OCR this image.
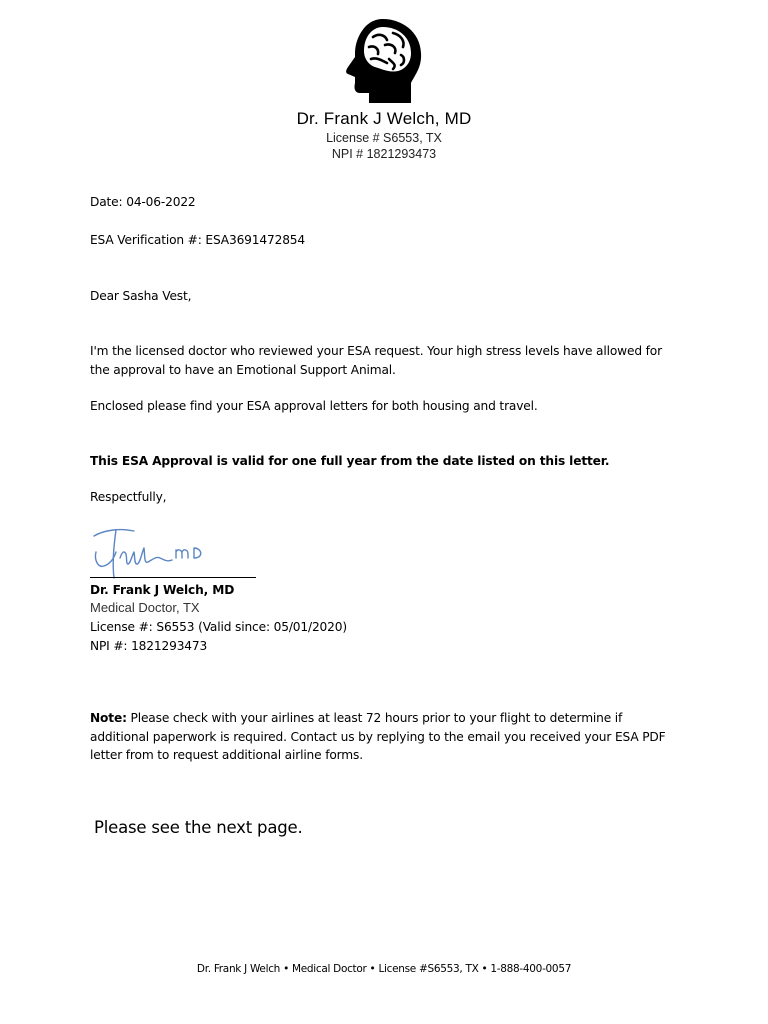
Dr. Frank J Welch, MD
License # S6553, TX
NPI # 1821293473
Date: 04-06-2022
ESA Verification #: ESA3691472854
Dear Sasha Vest,
I'm the licensed doctor who reviewed your ESA request. Your high stress levels have allowed for
the approval to have an Emotional Support Animal.
Enclosed please find your ESA approval letters for both housing and travel.
This ESA Approval is valid for one full year from the date listed on this letter.
Respectfully,
Dr. Frank J Welch, MD
Medical Doctor, TX
License #: S6553 (Valid since: 05/01/2020)
NPI #: 1821293473
Note: Please check with your airlines at least 72 hours prior to your flight to determine if
additional paperwork is required. Contact us by replying to the email you received your ESA PDF
letter from to request additional airline forms.
Please see the next page.
Dr. Frank J Welch • Medical Doctor • License #S6553, TX • 1-888-400-0057
